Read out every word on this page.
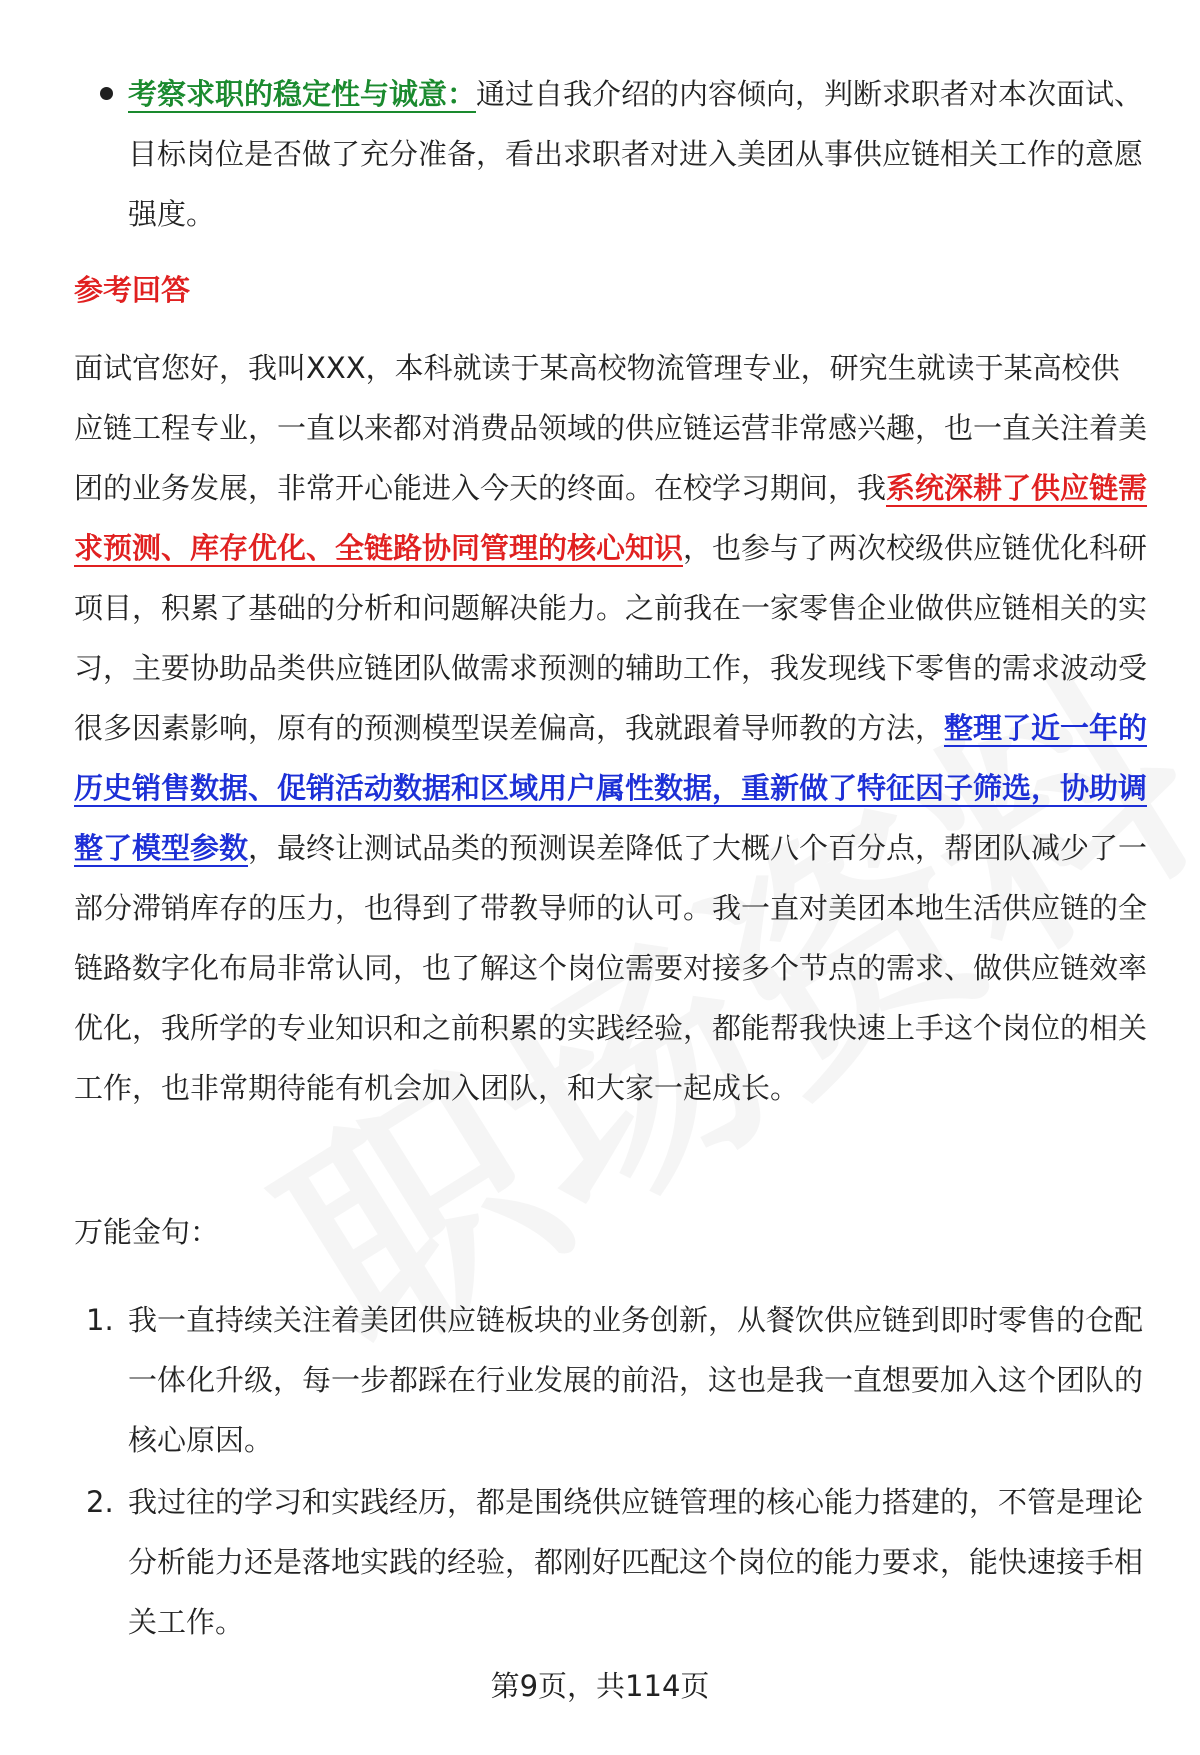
考察求职的稳定性与诚意：通过自我介绍的内容倾向，判断求职者对本次面试、目标岗位是否做了充分准备，看出求职者对进入美团从事供应链相关工作的意愿强度。
参考回答

面试官您好，我叫XXX，本科就读于某高校物流管理专业，研究生就读于某高校供应链工程专业，一直以来都对消费品领域的供应链运营非常感兴趣，也一直关注着美团的业务发展，非常开心能进入今天的终面。在校学习期间，我系统深耕了供应链需求预测、库存优化、全链路协同管理的核心知识，也参与了两次校级供应链优化科研项目，积累了基础的分析和问题解决能力。之前我在一家零售企业做供应链相关的实习，主要协助品类供应链团队做需求预测的辅助工作，我发现线下零售的需求波动受很多因素影响，原有的预测模型误差偏高，我就跟着导师教的方法，整理了近一年的历史销售数据、促销活动数据和区域用户属性数据，重新做了特征因子筛选，协助调整了模型参数，最终让测试品类的预测误差降低了大概八个百分点，帮团队减少了一部分滞销库存的压力，也得到了带教导师的认可。我一直对美团本地生活供应链的全链路数字化布局非常认同，也了解这个岗位需要对接多个节点的需求、做供应链效率优化，我所学的专业知识和之前积累的实践经验，都能帮我快速上手这个岗位的相关工作，也非常期待能有机会加入团队，和大家一起成长。

万能金句：
1. 我一直持续关注着美团供应链板块的业务创新，从餐饮供应链到即时零售的仓配一体化升级，每一步都踩在行业发展的前沿，这也是我一直想要加入这个团队的核心原因。
2. 我过往的学习和实践经历，都是围绕供应链管理的核心能力搭建的，不管是理论分析能力还是落地实践的经验，都刚好匹配这个岗位的能力要求，能快速接手相关工作。
第9页，共114页
